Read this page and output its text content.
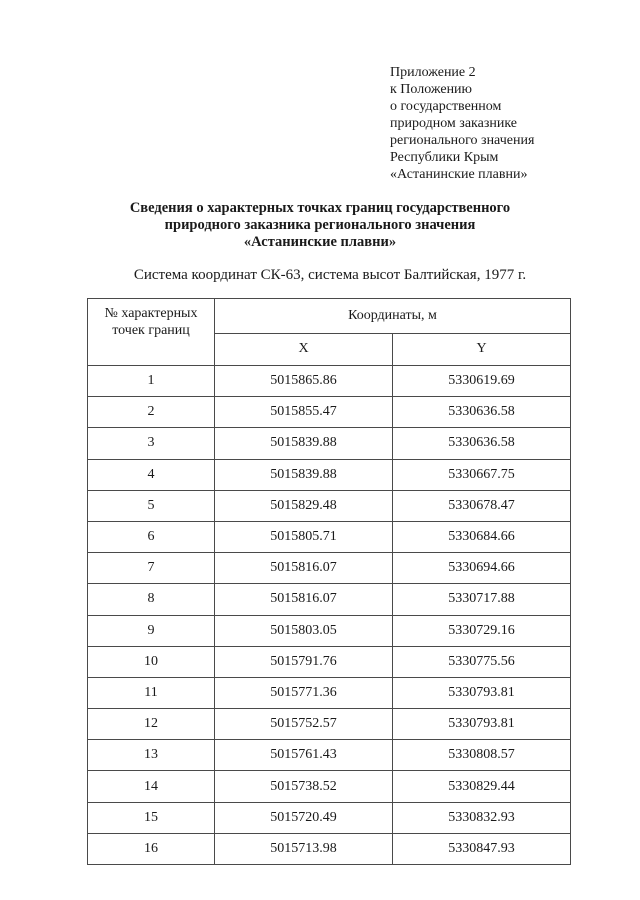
Приложение 2
к Положению
о государственном
природном заказнике
регионального значения
Республики Крым
«Астанинские плавни»
Сведения о характерных точках границ государственного
природного заказника регионального значения
«Астанинские плавни»
Система координат СК-63, система высот Балтийская, 1977 г.
№ характерных
точек границ	Координаты, м	
	X	Y
1	5015865.86	5330619.69
2	5015855.47	5330636.58
3	5015839.88	5330636.58
4	5015839.88	5330667.75
5	5015829.48	5330678.47
6	5015805.71	5330684.66
7	5015816.07	5330694.66
8	5015816.07	5330717.88
9	5015803.05	5330729.16
10	5015791.76	5330775.56
11	5015771.36	5330793.81
12	5015752.57	5330793.81
13	5015761.43	5330808.57
14	5015738.52	5330829.44
15	5015720.49	5330832.93
16	5015713.98	5330847.93
